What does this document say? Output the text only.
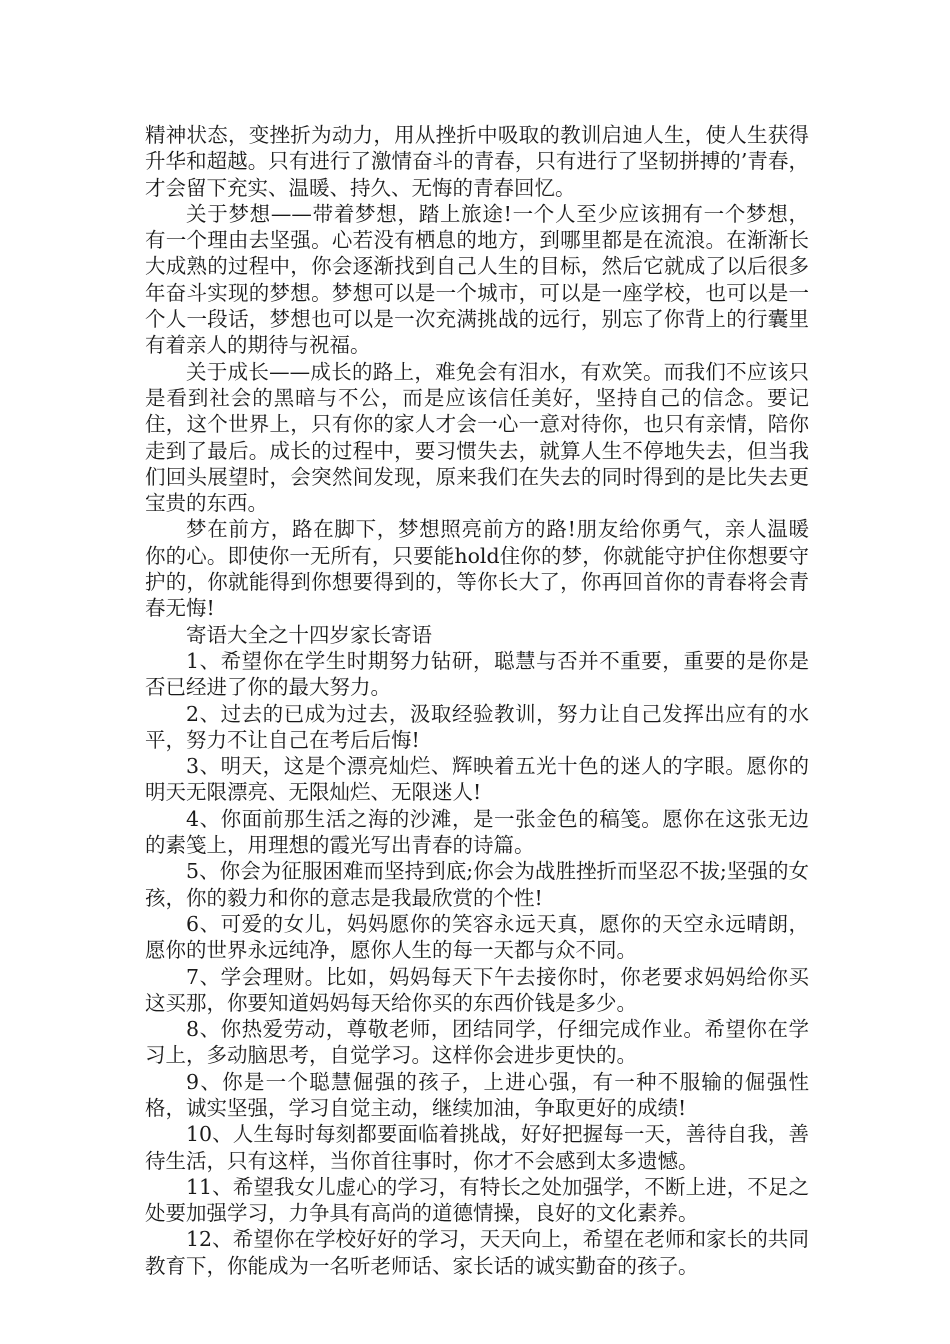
精神状态，变挫折为动力，用从挫折中吸取的教训启迪人生，使人生获得升华和超越。只有进行了激情奋斗的青春，只有进行了坚韧拼搏的’青春，才会留下充实、温暖、持久、无悔的青春回忆。

关于梦想——带着梦想，踏上旅途!一个人至少应该拥有一个梦想，有一个理由去坚强。心若没有栖息的地方，到哪里都是在流浪。在渐渐长大成熟的过程中，你会逐渐找到自己人生的目标，然后它就成了以后很多年奋斗实现的梦想。梦想可以是一个城市，可以是一座学校，也可以是一个人一段话，梦想也可以是一次充满挑战的远行，别忘了你背上的行囊里有着亲人的期待与祝福。

关于成长——成长的路上，难免会有泪水，有欢笑。而我们不应该只是看到社会的黑暗与不公，而是应该信任美好，坚持自己的信念。要记住，这个世界上，只有你的家人才会一心一意对待你，也只有亲情，陪你走到了最后。成长的过程中，要习惯失去，就算人生不停地失去，但当我们回头展望时，会突然间发现，原来我们在失去的同时得到的是比失去更宝贵的东西。

梦在前方，路在脚下，梦想照亮前方的路!朋友给你勇气，亲人温暖你的心。即使你一无所有，只要能hold住你的梦，你就能守护住你想要守护的，你就能得到你想要得到的，等你长大了，你再回首你的青春将会青春无悔!

寄语大全之十四岁家长寄语

1、希望你在学生时期努力钻研，聪慧与否并不重要，重要的是你是否已经进了你的最大努力。

2、过去的已成为过去，汲取经验教训，努力让自己发挥出应有的水平，努力不让自己在考后后悔!

3、明天，这是个漂亮灿烂、辉映着五光十色的迷人的字眼。愿你的明天无限漂亮、无限灿烂、无限迷人!

4、你面前那生活之海的沙滩，是一张金色的稿笺。愿你在这张无边的素笺上，用理想的霞光写出青春的诗篇。

5、你会为征服困难而坚持到底;你会为战胜挫折而坚忍不拔;坚强的女孩，你的毅力和你的意志是我最欣赏的个性!

6、可爱的女儿，妈妈愿你的笑容永远天真，愿你的天空永远晴朗，愿你的世界永远纯净，愿你人生的每一天都与众不同。

7、学会理财。比如，妈妈每天下午去接你时，你老要求妈妈给你买这买那，你要知道妈妈每天给你买的东西价钱是多少。

8、你热爱劳动，尊敬老师，团结同学，仔细完成作业。希望你在学习上，多动脑思考，自觉学习。这样你会进步更快的。

9、你是一个聪慧倔强的孩子，上进心强，有一种不服输的倔强性格，诚实坚强，学习自觉主动，继续加油，争取更好的成绩!

10、人生每时每刻都要面临着挑战，好好把握每一天，善待自我，善待生活，只有这样，当你首往事时，你才不会感到太多遗憾。

11、希望我女儿虚心的学习，有特长之处加强学，不断上进，不足之处要加强学习，力争具有高尚的道德情操，良好的文化素养。

12、希望你在学校好好的学习，天天向上，希望在老师和家长的共同教育下，你能成为一名听老师话、家长话的诚实勤奋的孩子。
